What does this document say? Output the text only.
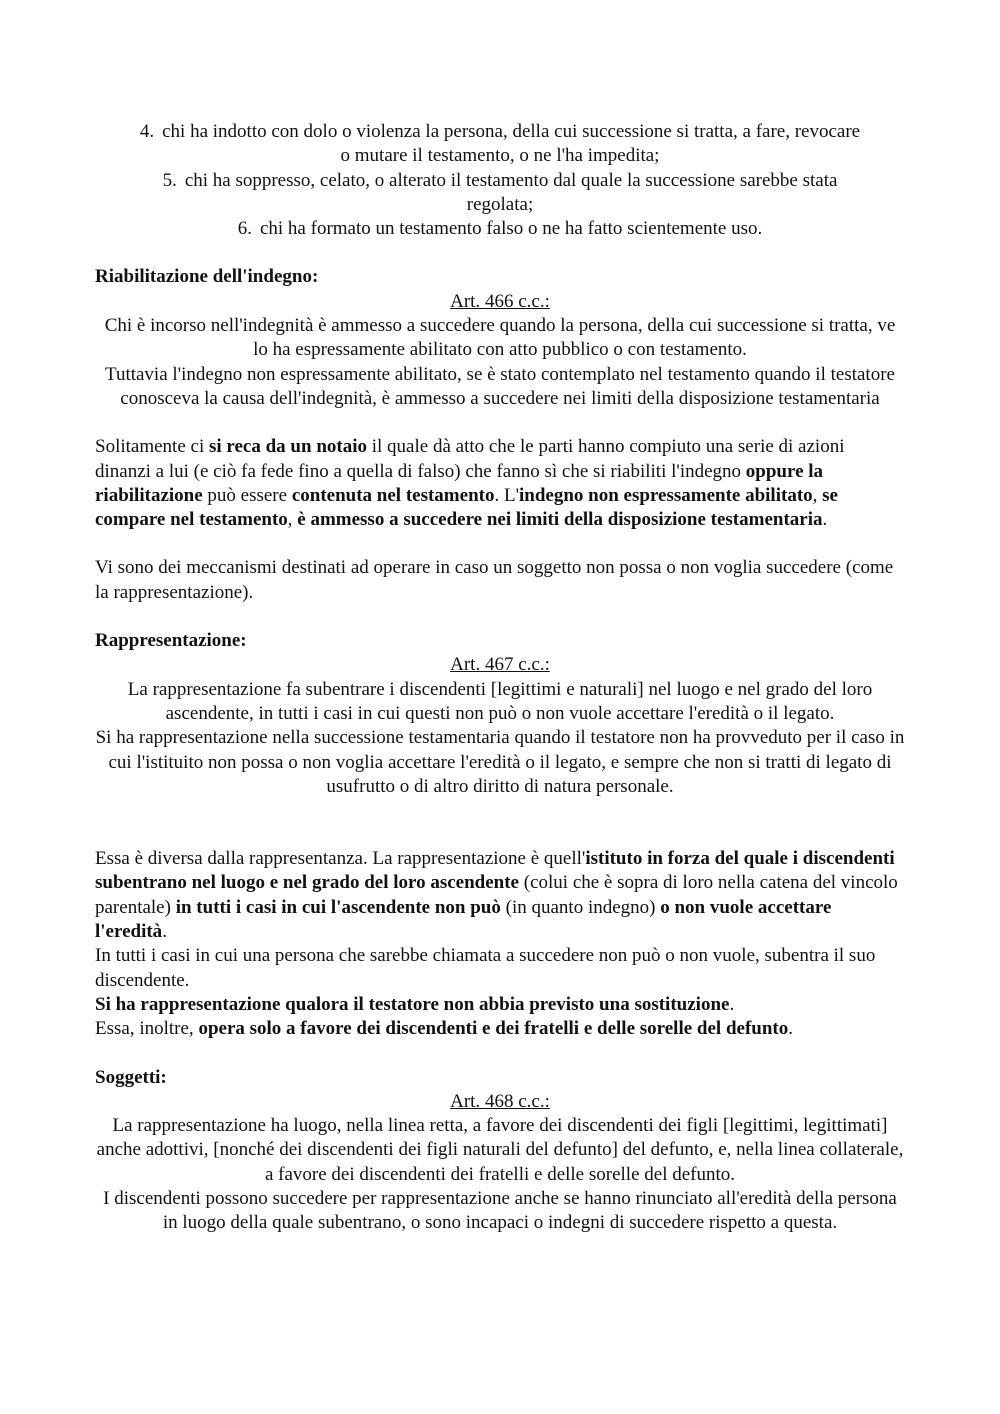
4. chi ha indotto con dolo o violenza la persona, della cui successione si tratta, a fare, revocare o mutare il testamento, o ne l'ha impedita;
5. chi ha soppresso, celato, o alterato il testamento dal quale la successione sarebbe stata regolata;
6. chi ha formato un testamento falso o ne ha fatto scientemente uso.

Riabilitazione dell'indegno:

Art. 466 c.c.:

Chi è incorso nell'indegnità è ammesso a succedere quando la persona, della cui successione si tratta, ve lo ha espressamente abilitato con atto pubblico o con testamento.

Tuttavia l'indegno non espressamente abilitato, se è stato contemplato nel testamento quando il testatore conosceva la causa dell'indegnità, è ammesso a succedere nei limiti della disposizione testamentaria

Solitamente ci si reca da un notaio il quale dà atto che le parti hanno compiuto una serie di azioni dinanzi a lui (e ciò fa fede fino a quella di falso) che fanno sì che si riabiliti l'indegno oppure la riabilitazione può essere contenuta nel testamento. L'indegno non espressamente abilitato, se compare nel testamento, è ammesso a succedere nei limiti della disposizione testamentaria.

Vi sono dei meccanismi destinati ad operare in caso un soggetto non possa o non voglia succedere (come la rappresentazione).

Rappresentazione:

Art. 467 c.c.:

La rappresentazione fa subentrare i discendenti [legittimi e naturali] nel luogo e nel grado del loro ascendente, in tutti i casi in cui questi non può o non vuole accettare l'eredità o il legato.

Si ha rappresentazione nella successione testamentaria quando il testatore non ha provveduto per il caso in cui l'istituito non possa o non voglia accettare l'eredità o il legato, e sempre che non si tratti di legato di usufrutto o di altro diritto di natura personale.

Essa è diversa dalla rappresentanza. La rappresentazione è quell'istituto in forza del quale i discendenti subentrano nel luogo e nel grado del loro ascendente (colui che è sopra di loro nella catena del vincolo parentale) in tutti i casi in cui l'ascendente non può (in quanto indegno) o non vuole accettare l'eredità.

In tutti i casi in cui una persona che sarebbe chiamata a succedere non può o non vuole, subentra il suo discendente.

Si ha rappresentazione qualora il testatore non abbia previsto una sostituzione.

Essa, inoltre, opera solo a favore dei discendenti e dei fratelli e delle sorelle del defunto.

Soggetti:

Art. 468 c.c.:

La rappresentazione ha luogo, nella linea retta, a favore dei discendenti dei figli [legittimi, legittimati] anche adottivi, [nonché dei discendenti dei figli naturali del defunto] del defunto, e, nella linea collaterale, a favore dei discendenti dei fratelli e delle sorelle del defunto.

I discendenti possono succedere per rappresentazione anche se hanno rinunciato all'eredità della persona in luogo della quale subentrano, o sono incapaci o indegni di succedere rispetto a questa.
